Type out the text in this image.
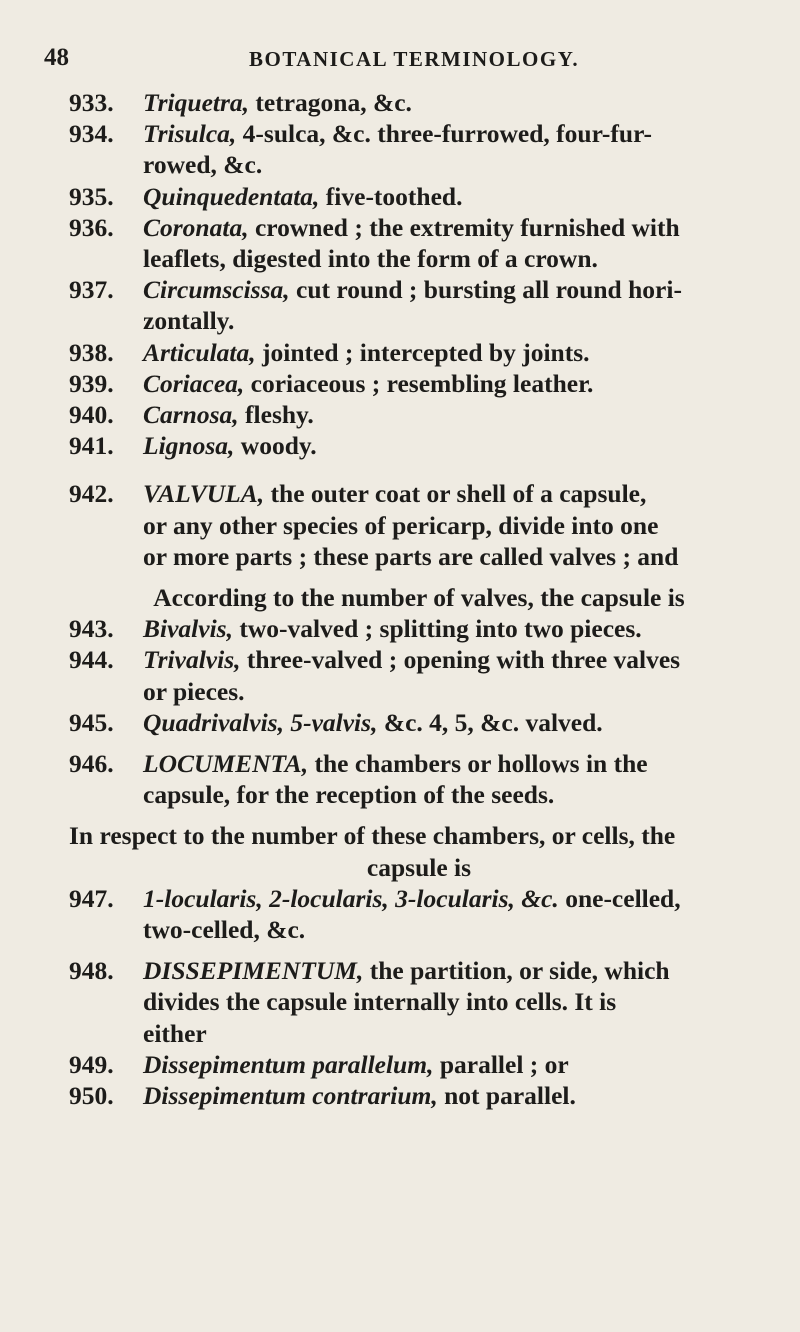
48	BOTANICAL TERMINOLOGY.
933. Triquetra, tetragona, &c.
934. Trisulca, 4-sulca, &c. three-furrowed, four-fur-
rowed, &c.
935. Quinquedentata, five-toothed.
936. Coronata, crowned ; the extremity furnished with
leaflets, digested into the form of a crown.
937. Circumscissa, cut round ; bursting all round hori-
zontally.
938. Articulata, jointed ; intercepted by joints.
939. Coriacea, coriaceous ; resembling leather.
940. Carnosa, fleshy.
941. Lignosa, woody.
942. VALVULA, the outer coat or shell of a capsule,
or any other species of pericarp, divide into one
or more parts ; these parts are called valves ; and
According to the number of valves, the capsule is
943. Bivalvis, two-valved ; splitting into two pieces.
944. Trivalvis, three-valved ; opening with three valves
or pieces.
945. Quadrivalvis, 5-valvis, &c. 4, 5, &c. valved.
946. LOCUMENTA, the chambers or hollows in the
capsule, for the reception of the seeds.
In respect to the number of these chambers, or cells, the
capsule is
947. 1-locularis, 2-locularis, 3-locularis, &c. one-celled,
two-celled, &c.
948. DISSEPIMENTUM, the partition, or side, which
divides the capsule internally into cells. It is
either
949. Dissepimentum parallelum, parallel ; or
950. Dissepimentum contrarium, not parallel.
